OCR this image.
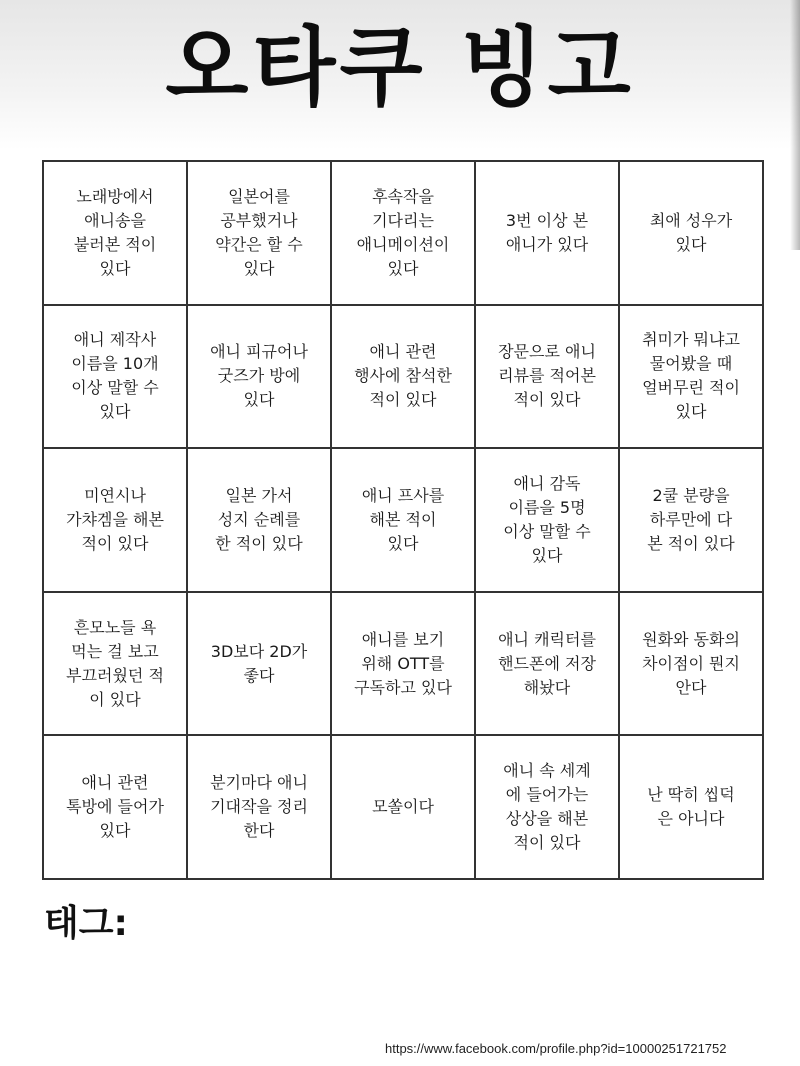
오타쿠 빙고
노래방에서
애니송을
불러본 적이
있다
일본어를
공부했거나
약간은 할 수
있다
후속작을
기다리는
애니메이션이
있다
3번 이상 본
애니가 있다
최애 성우가
있다
애니 제작사
이름을 10개
이상 말할 수
있다
애니 피규어나
굿즈가 방에
있다
애니 관련
행사에 참석한
적이 있다
장문으로 애니
리뷰를 적어본
적이 있다
취미가 뭐냐고
물어봤을 때
얼버무린 적이
있다
미연시나
가챠겜을 해본
적이 있다
일본 가서
성지 순례를
한 적이 있다
애니 프사를
해본 적이
있다
애니 감독
이름을 5명
이상 말할 수
있다
2쿨 분량을
하루만에 다
본 적이 있다
흔모노들 욕
먹는 걸 보고
부끄러웠던 적
이 있다
3D보다 2D가
좋다
애니를 보기
위해 OTT를
구독하고 있다
애니 캐릭터를
핸드폰에 저장
해놨다
원화와 동화의
차이점이 뭔지
안다
애니 관련
톡방에 들어가
있다
분기마다 애니
기대작을 정리
한다
모쏠이다
애니 속 세계
에 들어가는
상상을 해본
적이 있다
난 딱히 씹덕
은 아니다
태그:
https://www.facebook.com/profile.php?id=10000251721752
